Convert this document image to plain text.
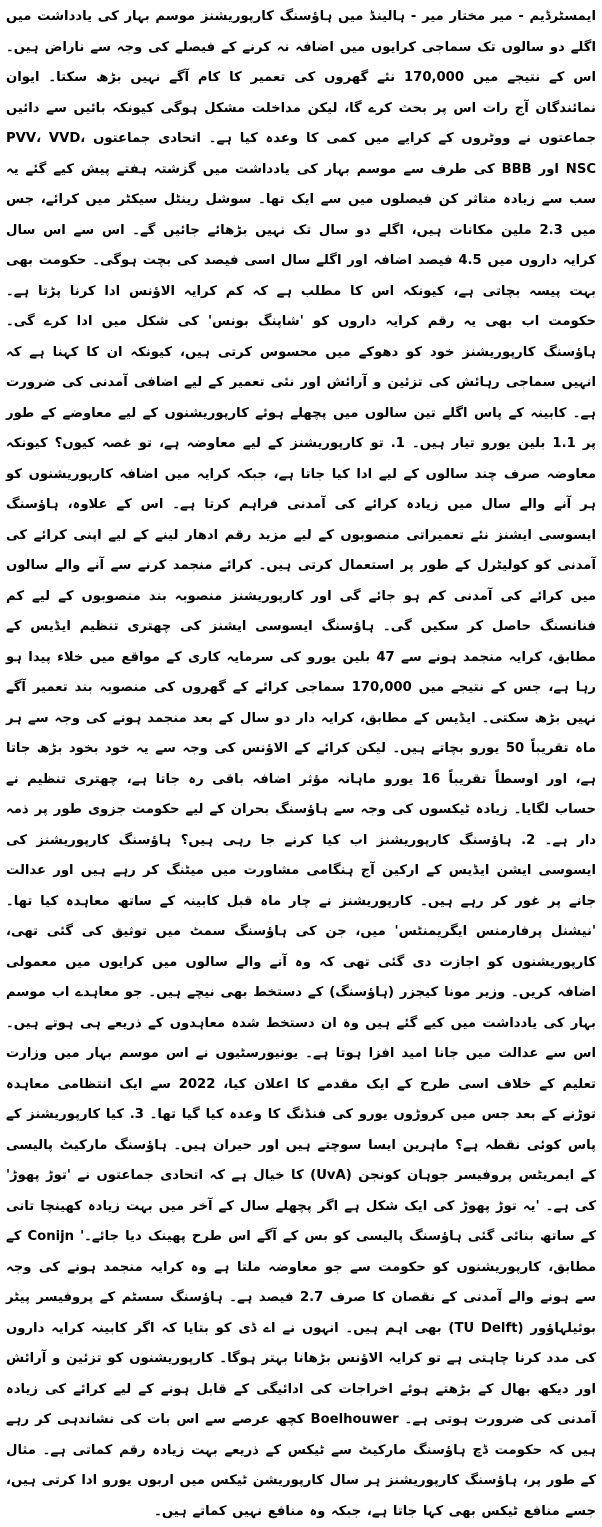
ایمسٹرڈیم - میر مختار میر - ہالینڈ میں ہاؤسنگ کارپوریشنز موسم بہار کی یادداشت میں اگلے دو سالوں تک سماجی کرایوں میں اضافہ نہ کرنے کے فیصلے کی وجہ سے ناراض ہیں۔ اس کے نتیجے میں 170,000 نئے گھروں کی تعمیر کا کام آگے نہیں بڑھ سکتا۔ ایوان نمائندگان آج رات اس پر بحث کرے گا، لیکن مداخلت مشکل ہوگی کیونکہ بائیں سے دائیں جماعتوں نے ووٹروں کے کرایے میں کمی کا وعدہ کیا ہے۔ اتحادی جماعتوں PVV، VVD، NSC اور BBB کی طرف سے موسم بہار کی یادداشت میں گزشتہ ہفتے پیش کیے گئے یہ سب سے زیادہ متاثر کن فیصلوں میں سے ایک تھا۔ سوشل رینٹل سیکٹر میں کرائے، جس میں 2.3 ملین مکانات ہیں، اگلے دو سال تک نہیں بڑھائے جائیں گے۔ اس سے اس سال کرایہ داروں میں 4.5 فیصد اضافہ اور اگلے سال اسی فیصد کی بچت ہوگی۔ حکومت بھی بہت پیسہ بچاتی ہے، کیونکہ اس کا مطلب ہے کہ کم کرایہ الاؤنس ادا کرنا پڑتا ہے۔ حکومت اب بھی یہ رقم کرایہ داروں کو 'شاپنگ بونس' کی شکل میں ادا کرے گی۔ ہاؤسنگ کارپوریشنز خود کو دھوکے میں محسوس کرتی ہیں، کیونکہ ان کا کہنا ہے کہ انہیں سماجی رہائش کی تزئین و آرائش اور نئی تعمیر کے لیے اضافی آمدنی کی ضرورت ہے۔ کابینہ کے پاس اگلے تین سالوں میں پچھلے ہوئے کارپوریشنوں کے لیے معاوضے کے طور پر 1.1 بلین یورو تیار ہیں۔ 1. تو کارپوریشنز کے لیے معاوضہ ہے، تو غصہ کیوں؟ کیونکہ معاوضہ صرف چند سالوں کے لیے ادا کیا جاتا ہے، جبکہ کرایہ میں اضافہ کارپوریشنوں کو ہر آنے والے سال میں زیادہ کرائے کی آمدنی فراہم کرتا ہے۔ اس کے علاوہ، ہاؤسنگ ایسوسی ایشنز نئے تعمیراتی منصوبوں کے لیے مزید رقم ادھار لینے کے لیے اپنی کرائے کی آمدنی کو کولیٹرل کے طور پر استعمال کرتی ہیں۔ کرائے منجمد کرنے سے آنے والے سالوں میں کرائے کی آمدنی کم ہو جائے گی اور کارپوریشنز منصوبہ بند منصوبوں کے لیے کم فنانسنگ حاصل کر سکیں گی۔ ہاؤسنگ ایسوسی ایشنز کی چھتری تنظیم ایڈیس کے مطابق، کرایہ منجمد ہونے سے 47 بلین یورو کی سرمایہ کاری کے مواقع میں خلاء پیدا ہو رہا ہے، جس کے نتیجے میں 170,000 سماجی کرائے کے گھروں کی منصوبہ بند تعمیر آگے نہیں بڑھ سکتی۔ ایڈیس کے مطابق، کرایہ دار دو سال کے بعد منجمد ہونے کی وجہ سے ہر ماہ تقریباً 50 یورو بچاتے ہیں۔ لیکن کرائے کے الاؤنس کی وجہ سے یہ خود بخود بڑھ جاتا ہے، اور اوسطاً تقریباً 16 یورو ماہانہ مؤثر اضافہ باقی رہ جاتا ہے، چھتری تنظیم نے حساب لگایا۔ زیادہ ٹیکسوں کی وجہ سے ہاؤسنگ بحران کے لیے حکومت جزوی طور پر ذمہ دار ہے۔ 2. ہاؤسنگ کارپوریشنز اب کیا کرنے جا رہی ہیں؟ ہاؤسنگ کارپوریشنز کی ایسوسی ایشن ایڈیس کے ارکین آج ہنگامی مشاورت میں میٹنگ کر رہے ہیں اور عدالت جانے پر غور کر رہے ہیں۔ کارپوریشنز نے چار ماہ قبل کابینہ کے ساتھ معاہدہ کیا تھا۔ 'نیشنل پرفارمنس ایگریمنٹس' میں، جن کی ہاؤسنگ سمٹ میں توثیق کی گئی تھی، کارپوریشنوں کو اجازت دی گئی تھی کہ وہ آنے والے سالوں میں کرایوں میں معمولی اضافہ کریں۔ وزیر مونا کیجزر (ہاؤسنگ) کے دستخط بھی نیچے ہیں۔ جو معاہدے اب موسم بہار کی یادداشت میں کیے گئے ہیں وہ ان دستخط شدہ معاہدوں کے ذریعے ہی ہوتے ہیں۔ اس سے عدالت میں جانا امید افزا ہوتا ہے۔ یونیورسٹیوں نے اس موسم بہار میں وزارت تعلیم کے خلاف اسی طرح کے ایک مقدمے کا اعلان کیا، 2022 سے ایک انتظامی معاہدہ توڑنے کے بعد جس میں کروڑوں یورو کی فنڈنگ کا وعدہ کیا گیا تھا۔ 3. کیا کارپوریشنز کے پاس کوئی نقطہ ہے؟ ماہرین ایسا سوچتے ہیں اور حیران ہیں۔ ہاؤسنگ مارکیٹ پالیسی کے ایمریٹس پروفیسر جوہان کونجن (UvA) کا خیال ہے کہ اتحادی جماعتوں نے 'توڑ پھوڑ' کی ہے۔ 'یہ توڑ پھوڑ کی ایک شکل ہے اگر پچھلے سال کے آخر میں بہت زیادہ کھینچا تانی کے ساتھ بنائی گئی ہاؤسنگ پالیسی کو بس کے آگے اس طرح پھینک دیا جائے۔' Conijn کے مطابق، کارپوریشنوں کو حکومت سے جو معاوضہ ملتا ہے وہ کرایہ منجمد ہونے کی وجہ سے ہونے والے آمدنی کے نقصان کا صرف 2.7 فیصد ہے۔ ہاؤسنگ سسٹم کے پروفیسر پیٹر بوئیلہاؤور (TU Delft) بھی اہم ہیں۔ انہوں نے اے ڈی کو بتایا کہ اگر کابینہ کرایہ داروں کی مدد کرنا چاہتی ہے تو کرایہ الاؤنس بڑھانا بہتر ہوگا۔ کارپوریشنوں کو تزئین و آرائش اور دیکھ بھال کے بڑھتے ہوئے اخراجات کی ادائیگی کے قابل ہونے کے لیے کرائے کی زیادہ آمدنی کی ضرورت ہوتی ہے۔ Boelhouwer کچھ عرصے سے اس بات کی نشاندہی کر رہے ہیں کہ حکومت ڈچ ہاؤسنگ مارکیٹ سے ٹیکس کے ذریعے بہت زیادہ رقم کماتی ہے۔ مثال کے طور پر، ہاؤسنگ کارپوریشنز ہر سال کارپوریشن ٹیکس میں اربوں یورو ادا کرتی ہیں، جسے منافع ٹیکس بھی کہا جاتا ہے، جبکہ وہ منافع نہیں کماتے ہیں۔
